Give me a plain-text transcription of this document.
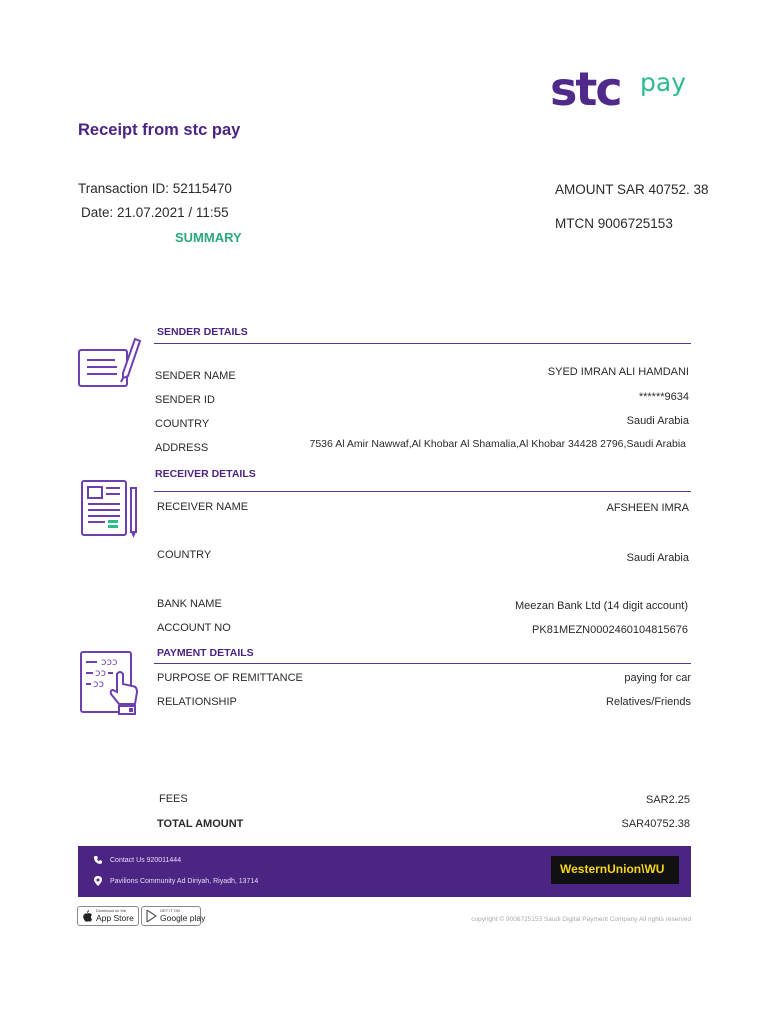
stc pay
Receipt from stc pay
Transaction ID: 52115470
Date: 21.07.2021 / 11:55
AMOUNT SAR 40752. 38
MTCN 9006725153
SUMMARY
SENDER DETAILS
SENDER NAME	SYED IMRAN ALI HAMDANI
SENDER ID	******9634
COUNTRY	Saudi Arabia
ADDRESS	7536 Al Amir Nawwaf,Al Khobar Al Shamalia,Al Khobar 34428 2796,Saudi Arabia
RECEIVER DETAILS
RECEIVER NAME	AFSHEEN IMRA
COUNTRY	Saudi Arabia
BANK NAME	Meezan Bank Ltd (14 digit account)
ACCOUNT NO	PK81MEZN0002460104815676
ɔɔɔ
ɔɔ
ɔɔ
PAYMENT DETAILS
PURPOSE OF REMITTANCE	paying for car
RELATIONSHIP	Relatives/Friends
FEES	SAR2.25
TOTAL AMOUNT	SAR40752.38
Contact Us 920011444
Pavilions Community Ad Diriyah, Riyadh, 13714
WesternUnion\WU
Download on the
App Store
GET IT ON
Google play	copyright © 9006725153 Saudi Digital Payment Company All rights reserved
